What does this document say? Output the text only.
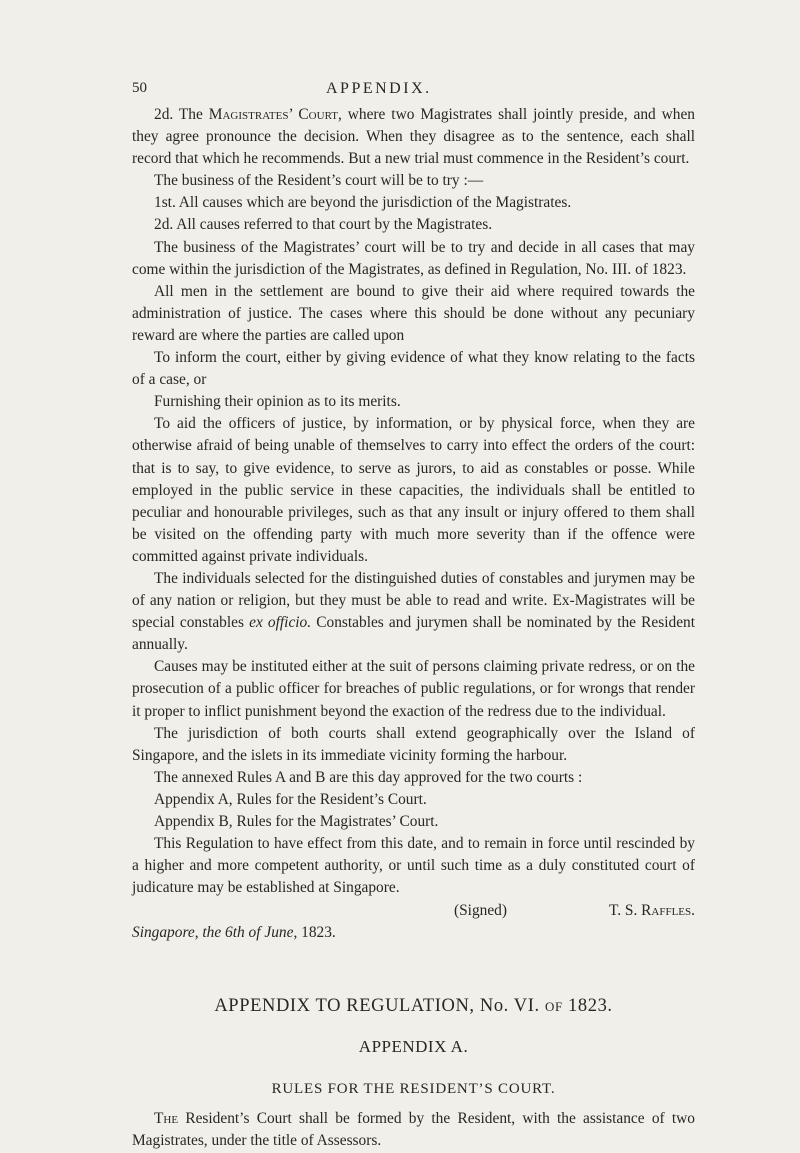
50	APPENDIX.

2d. The Magistrates’ Court, where two Magistrates shall jointly preside, and when they agree pronounce the decision. When they disagree as to the sentence, each shall record that which he recommends. But a new trial must commence in the Resident’s court.

The business of the Resident’s court will be to try :—

1st. All causes which are beyond the jurisdiction of the Magistrates.

2d. All causes referred to that court by the Magistrates.

The business of the Magistrates’ court will be to try and decide in all cases that may come within the jurisdiction of the Magistrates, as defined in Regulation, No. III. of 1823.

All men in the settlement are bound to give their aid where required towards the administration of justice. The cases where this should be done without any pecuniary reward are where the parties are called upon

To inform the court, either by giving evidence of what they know relating to the facts of a case, or

Furnishing their opinion as to its merits.

To aid the officers of justice, by information, or by physical force, when they are otherwise afraid of being unable of themselves to carry into effect the orders of the court: that is to say, to give evidence, to serve as jurors, to aid as constables or posse. While employed in the public service in these capacities, the individuals shall be entitled to peculiar and honourable privileges, such as that any insult or injury offered to them shall be visited on the offending party with much more severity than if the offence were committed against private individuals.

The individuals selected for the distinguished duties of constables and jurymen may be of any nation or religion, but they must be able to read and write. Ex-Magistrates will be special constables ex officio. Constables and jurymen shall be nominated by the Resident annually.

Causes may be instituted either at the suit of persons claiming private redress, or on the prosecution of a public officer for breaches of public regulations, or for wrongs that render it proper to inflict punishment beyond the exaction of the redress due to the individual.

The jurisdiction of both courts shall extend geographically over the Island of Singapore, and the islets in its immediate vicinity forming the harbour.

The annexed Rules A and B are this day approved for the two courts :

Appendix A, Rules for the Resident’s Court.

Appendix B, Rules for the Magistrates’ Court.

This Regulation to have effect from this date, and to remain in force until rescinded by a higher and more competent authority, or until such time as a duly constituted court of judicature may be established at Singapore.

(Signed)	T. S. Raffles.

Singapore, the 6th of June, 1823.

APPENDIX TO REGULATION, No. VI. of 1823.
APPENDIX A.
RULES FOR THE RESIDENT’S COURT.

The Resident’s Court shall be formed by the Resident, with the assistance of two Magistrates, under the title of Assessors.
